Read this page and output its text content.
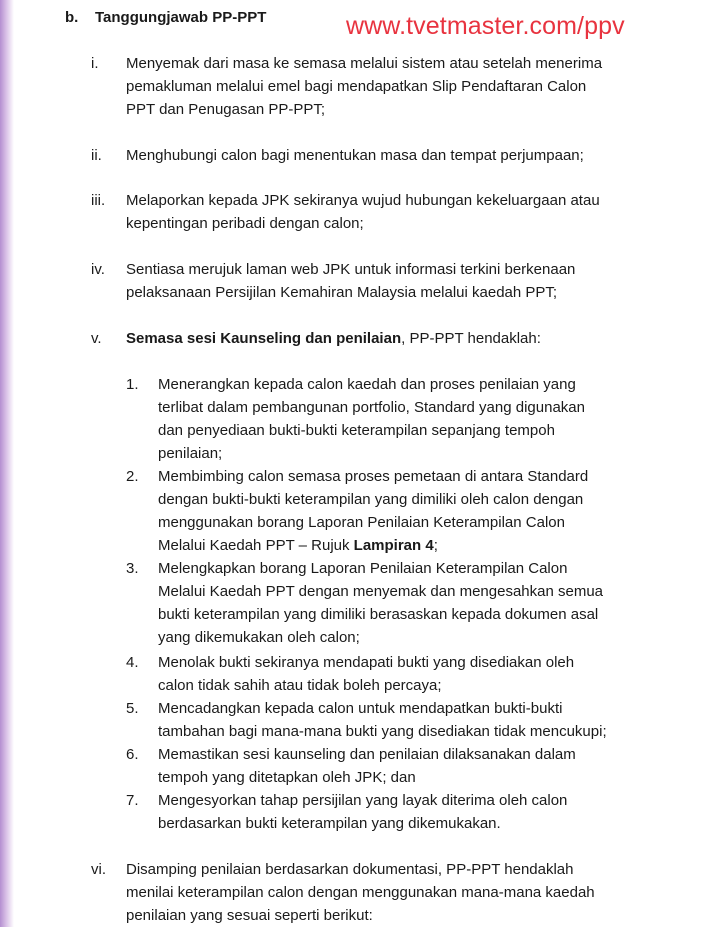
b. Tanggungjawab PP-PPT	www.tvetmaster.com/ppv
i. Menyemak dari masa ke semasa melalui sistem atau setelah menerima

pemakluman melalui emel bagi mendapatkan Slip Pendaftaran Calon

PPT dan Penugasan PP-PPT;

ii. Menghubungi calon bagi menentukan masa dan tempat perjumpaan;

iii. Melaporkan kepada JPK sekiranya wujud hubungan kekeluargaan atau

kepentingan peribadi dengan calon;

iv. Sentiasa merujuk laman web JPK untuk informasi terkini berkenaan

pelaksanaan Persijilan Kemahiran Malaysia melalui kaedah PPT;

v. Semasa sesi Kaunseling dan penilaian, PP-PPT hendaklah:

1. Menerangkan kepada calon kaedah dan proses penilaian yang

terlibat dalam pembangunan portfolio, Standard yang digunakan

dan penyediaan bukti-bukti keterampilan sepanjang tempoh

penilaian;

2. Membimbing calon semasa proses pemetaan di antara Standard

dengan bukti-bukti keterampilan yang dimiliki oleh calon dengan

menggunakan borang Laporan Penilaian Keterampilan Calon

Melalui Kaedah PPT – Rujuk Lampiran 4;

3. Melengkapkan borang Laporan Penilaian Keterampilan Calon

Melalui Kaedah PPT dengan menyemak dan mengesahkan semua

bukti keterampilan yang dimiliki berasaskan kepada dokumen asal

yang dikemukakan oleh calon;

4. Menolak bukti sekiranya mendapati bukti yang disediakan oleh

calon tidak sahih atau tidak boleh percaya;

5. Mencadangkan kepada calon untuk mendapatkan bukti-bukti

tambahan bagi mana-mana bukti yang disediakan tidak mencukupi;

6. Memastikan sesi kaunseling dan penilaian dilaksanakan dalam

tempoh yang ditetapkan oleh JPK; dan

7. Mengesyorkan tahap persijilan yang layak diterima oleh calon

berdasarkan bukti keterampilan yang dikemukakan.

vi. Disamping penilaian berdasarkan dokumentasi, PP-PPT hendaklah

menilai keterampilan calon dengan menggunakan mana-mana kaedah

penilaian yang sesuai seperti berikut:
